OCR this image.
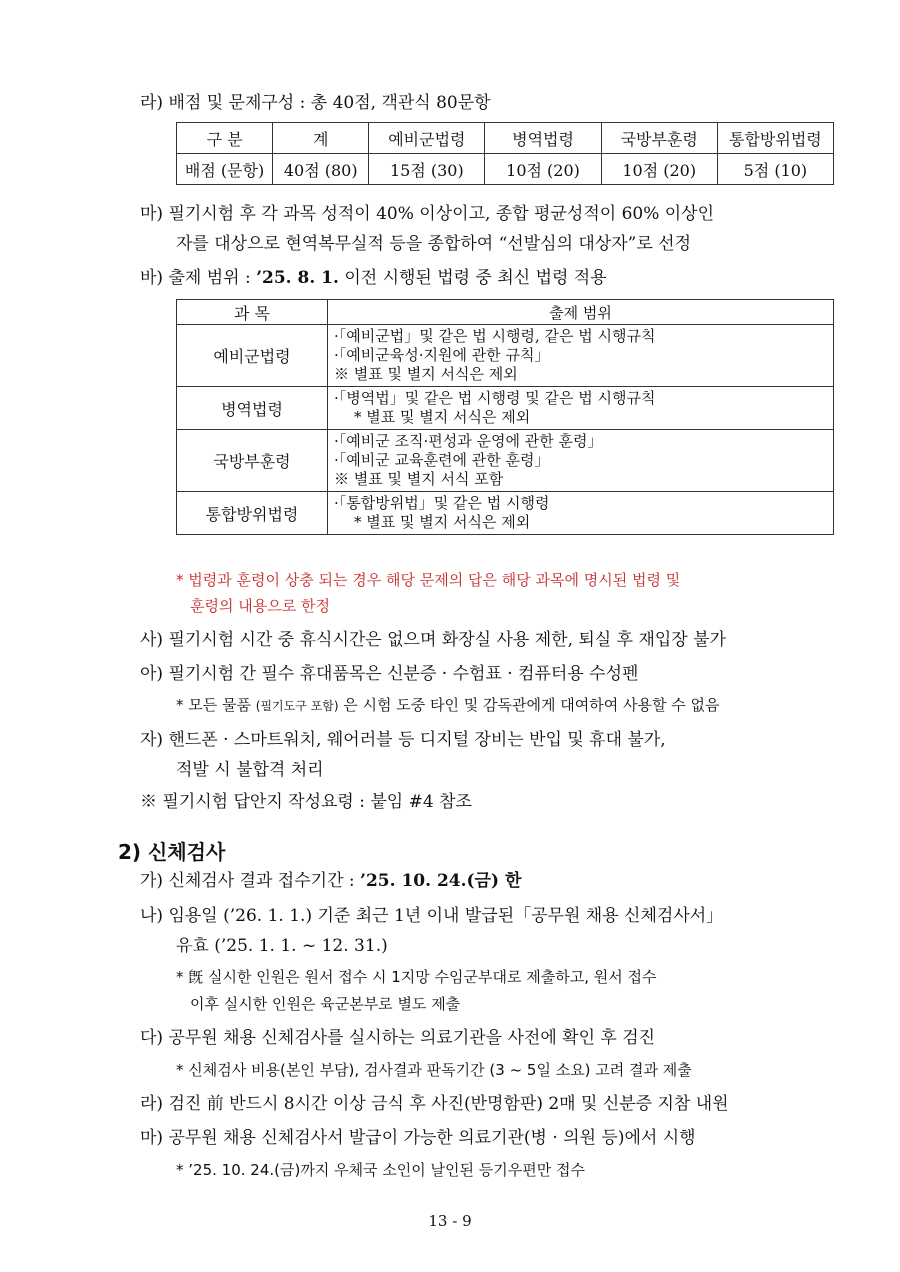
라) 배점 및 문제구성 : 총 40점, 객관식 80문항
구 분	계	예비군법령	병역법령	국방부훈령	통합방위법령
배점 (문항)	40점 (80)	15점 (30)	10점 (20)	10점 (20)	5점 (10)
마) 필기시험 후 각 과목 성적이 40% 이상이고, 종합 평균성적이 60% 이상인
자를 대상으로 현역복무실적 등을 종합하여 “선발심의 대상자”로 선정
바) 출제 범위 : ’25. 8. 1. 이전 시행된 법령 중 최신 법령 적용
과 목	출제 범위
예비군법령	·「예비군법」및 같은 법 시행령, 같은 법 시행규칙
·「예비군육성·지원에 관한 규칙」
※ 별표 및 별지 서식은 제외

병역법령	·「병역법」및 같은 법 시행령 및 같은 법 시행규칙
* 별표 및 별지 서식은 제외

국방부훈령	·「예비군 조직·편성과 운영에 관한 훈령」
·「예비군 교육훈련에 관한 훈령」
※ 별표 및 별지 서식 포함

통합방위법령	·「통합방위법」및 같은 법 시행령
* 별표 및 별지 서식은 제외
* 법령과 훈령이 상충 되는 경우 해당 문제의 답은 해당 과목에 명시된 법령 및
훈령의 내용으로 한정
사) 필기시험 시간 중 휴식시간은 없으며 화장실 사용 제한, 퇴실 후 재입장 불가
아) 필기시험 간 필수 휴대품목은 신분증 · 수험표 · 컴퓨터용 수성펜
* 모든 물품 (필기도구 포함) 은 시험 도중 타인 및 감독관에게 대여하여 사용할 수 없음
자) 핸드폰 · 스마트워치, 웨어러블 등 디지털 장비는 반입 및 휴대 불가,
적발 시 불합격 처리
※ 필기시험 답안지 작성요령 : 붙임 #4 참조
2) 신체검사
가) 신체검사 결과 접수기간 : ’25. 10. 24.(금) 한
나) 임용일 (’26. 1. 1.) 기준 최근 1년 이내 발급된「공무원 채용 신체검사서」
유효 (’25. 1. 1. ~ 12. 31.)
* 旣 실시한 인원은 원서 접수 시 1지망 수임군부대로 제출하고, 원서 접수
이후 실시한 인원은 육군본부로 별도 제출
다) 공무원 채용 신체검사를 실시하는 의료기관을 사전에 확인 후 검진
* 신체검사 비용(본인 부담), 검사결과 판독기간 (3 ~ 5일 소요) 고려 결과 제출
라) 검진 前 반드시 8시간 이상 금식 후 사진(반명함판) 2매 및 신분증 지참 내원
마) 공무원 채용 신체검사서 발급이 가능한 의료기관(병 · 의원 등)에서 시행
* ’25. 10. 24.(금)까지 우체국 소인이 날인된 등기우편만 접수
13 - 9
